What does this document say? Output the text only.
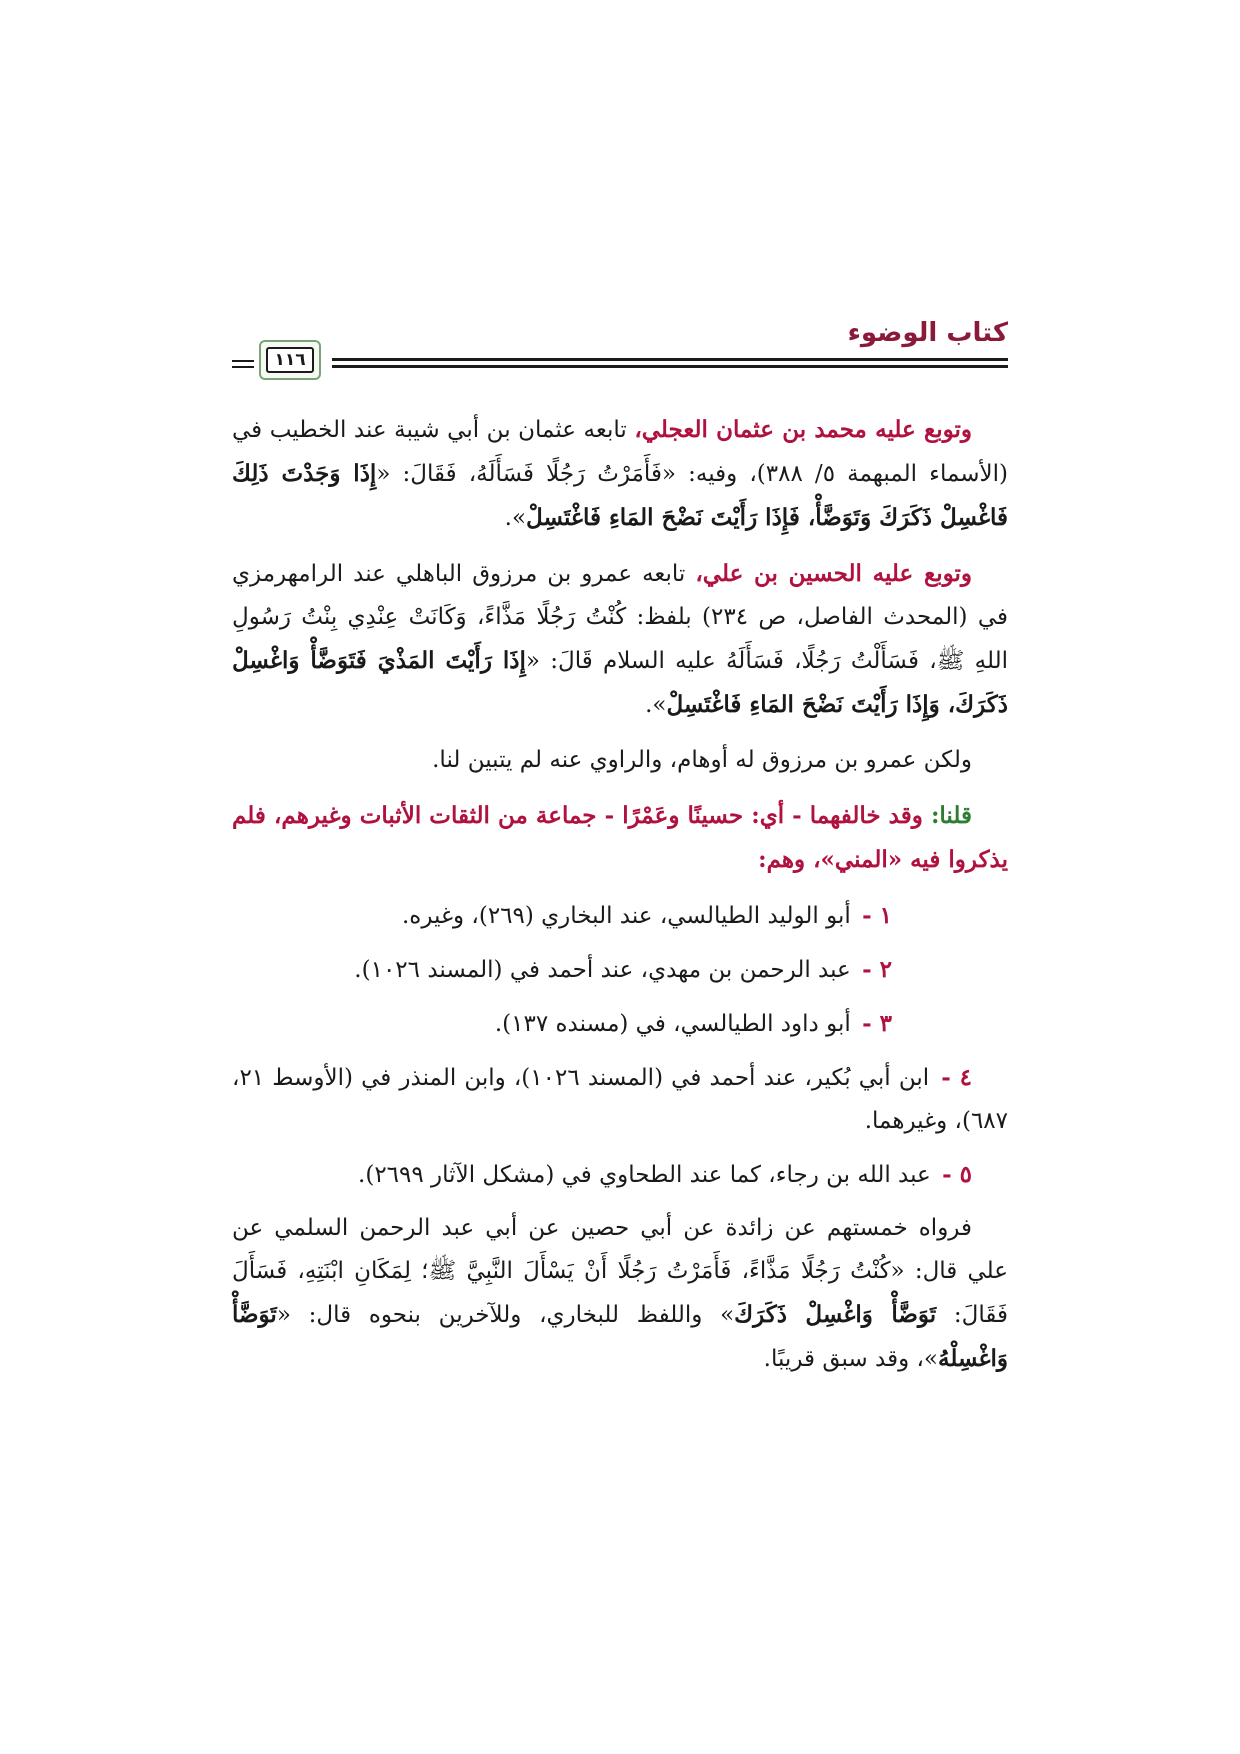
كتاب الوضوء
١١٦

وتوبع عليه محمد بن عثمان العجلي، تابعه عثمان بن أبي شيبة عند الخطيب في (الأسماء المبهمة ٥/ ٣٨٨)، وفيه: «فَأَمَرْتُ رَجُلًا فَسَأَلَهُ، فَقَالَ: «إِذَا وَجَدْتَ ذَلِكَ فَاغْسِلْ ذَكَرَكَ وَتَوَضَّأْ، فَإِذَا رَأَيْتَ نَضْحَ المَاءِ فَاغْتَسِلْ».

وتوبع عليه الحسين بن علي، تابعه عمرو بن مرزوق الباهلي عند الرامهرمزي في (المحدث الفاصل، ص ٢٣٤) بلفظ: كُنْتُ رَجُلًا مَذَّاءً، وَكَانَتْ عِنْدِي بِنْتُ رَسُولِ اللهِ ﷺ، فَسَأَلْتُ رَجُلًا، فَسَأَلَهُ عليه السلام قَالَ: «إِذَا رَأَيْتَ المَذْيَ فَتَوَضَّأْ وَاغْسِلْ ذَكَرَكَ، وَإِذَا رَأَيْتَ نَضْحَ المَاءِ فَاغْتَسِلْ».

ولكن عمرو بن مرزوق له أوهام، والراوي عنه لم يتبين لنا.

قلنا: وقد خالفهما - أي: حسينًا وعَمْرًا - جماعة من الثقات الأثبات وغيرهم، فلم يذكروا فيه «المني»، وهم:

١ - أبو الوليد الطيالسي، عند البخاري (٢٦٩)، وغيره.
٢ - عبد الرحمن بن مهدي، عند أحمد في (المسند ١٠٢٦).
٣ - أبو داود الطيالسي، في (مسنده ١٣٧).
٤ - ابن أبي بُكير، عند أحمد في (المسند ١٠٢٦)، وابن المنذر في (الأوسط ٢١، ٦٨٧)، وغيرهما.
٥ - عبد الله بن رجاء، كما عند الطحاوي في (مشكل الآثار ٢٦٩٩).

فرواه خمستهم عن زائدة عن أبي حصين عن أبي عبد الرحمن السلمي عن علي قال: «كُنْتُ رَجُلًا مَذَّاءً، فَأَمَرْتُ رَجُلًا أَنْ يَسْأَلَ النَّبِيَّ ﷺ؛ لِمَكَانِ ابْنَتِهِ، فَسَأَلَ فَقَالَ: تَوَضَّأْ وَاغْسِلْ ذَكَرَكَ» واللفظ للبخاري، وللآخرين بنحوه قال: «تَوَضَّأْ وَاغْسِلْهُ»، وقد سبق قريبًا.
